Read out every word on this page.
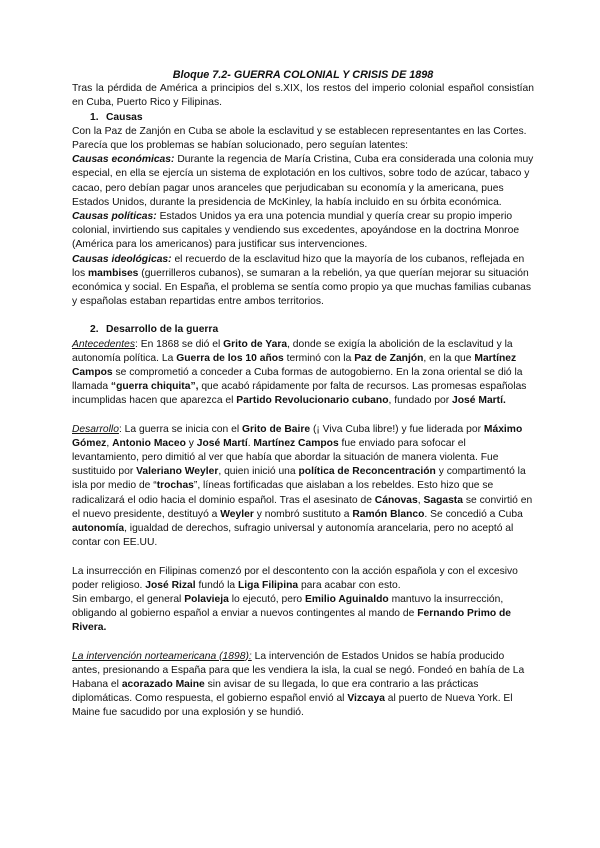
Bloque 7.2- GUERRA COLONIAL Y CRISIS DE 1898

Tras la pérdida de América a principios del s.XIX, los restos del imperio colonial español consistían en Cuba, Puerto Rico y Filipinas.

1. Causas

Con la Paz de Zanjón en Cuba se abole la esclavitud y se establecen representantes en las Cortes. Parecía que los problemas se habían solucionado, pero seguían latentes:

Causas económicas: Durante la regencia de María Cristina, Cuba era considerada una colonia muy especial, en ella se ejercía un sistema de explotación en los cultivos, sobre todo de azúcar, tabaco y cacao, pero debían pagar unos aranceles que perjudicaban su economía y la americana, pues Estados Unidos, durante la presidencia de McKinley, la había incluido en su órbita económica.

Causas políticas: Estados Unidos ya era una potencia mundial y quería crear su propio imperio colonial, invirtiendo sus capitales y vendiendo sus excedentes, apoyándose en la doctrina Monroe (América para los americanos) para justificar sus intervenciones.

Causas ideológicas: el recuerdo de la esclavitud hizo que la mayoría de los cubanos, reflejada en los mambises (guerrilleros cubanos), se sumaran a la rebelión, ya que querían mejorar su situación económica y social. En España, el problema se sentía como propio ya que muchas familias cubanas y españolas estaban repartidas entre ambos territorios.

2. Desarrollo de la guerra

Antecedentes: En 1868 se dió el Grito de Yara, donde se exigía la abolición de la esclavitud y la autonomía política. La Guerra de los 10 años terminó con la Paz de Zanjón, en la que Martínez Campos se comprometió a conceder a Cuba formas de autogobierno. En la zona oriental se dió la llamada “guerra chiquita”, que acabó rápidamente por falta de recursos. Las promesas españolas incumplidas hacen que aparezca el Partido Revolucionario cubano, fundado por José Martí.

Desarrollo: La guerra se inicia con el Grito de Baire (¡ Viva Cuba libre!) y fue liderada por Máximo Gómez, Antonio Maceo y José Martí. Martínez Campos fue enviado para sofocar el levantamiento, pero dimitió al ver que había que abordar la situación de manera violenta. Fue sustituido por Valeriano Weyler, quien inició una política de Reconcentración y compartimentó la isla por medio de “trochas”, líneas fortificadas que aislaban a los rebeldes. Esto hizo que se radicalizará el odio hacia el dominio español. Tras el asesinato de Cánovas, Sagasta se convirtió en el nuevo presidente, destituyó a Weyler y nombró sustituto a Ramón Blanco. Se concedió a Cuba autonomía, igualdad de derechos, sufragio universal y autonomía arancelaria, pero no aceptó al contar con EE.UU.

La insurrección en Filipinas comenzó por el descontento con la acción española y con el excesivo poder religioso. José Rizal fundó la Liga Filipina para acabar con esto.
Sin embargo, el general Polavieja lo ejecutó, pero Emilio Aguinaldo mantuvo la insurrección, obligando al gobierno español a enviar a nuevos contingentes al mando de Fernando Primo de Rivera.

La intervención norteamericana (1898): La intervención de Estados Unidos se había producido antes, presionando a España para que les vendiera la isla, la cual se negó. Fondeó en bahía de La Habana el acorazado Maine sin avisar de su llegada, lo que era contrario a las prácticas diplomáticas. Como respuesta, el gobierno español envió al Vizcaya al puerto de Nueva York. El Maine fue sacudido por una explosión y se hundió.
